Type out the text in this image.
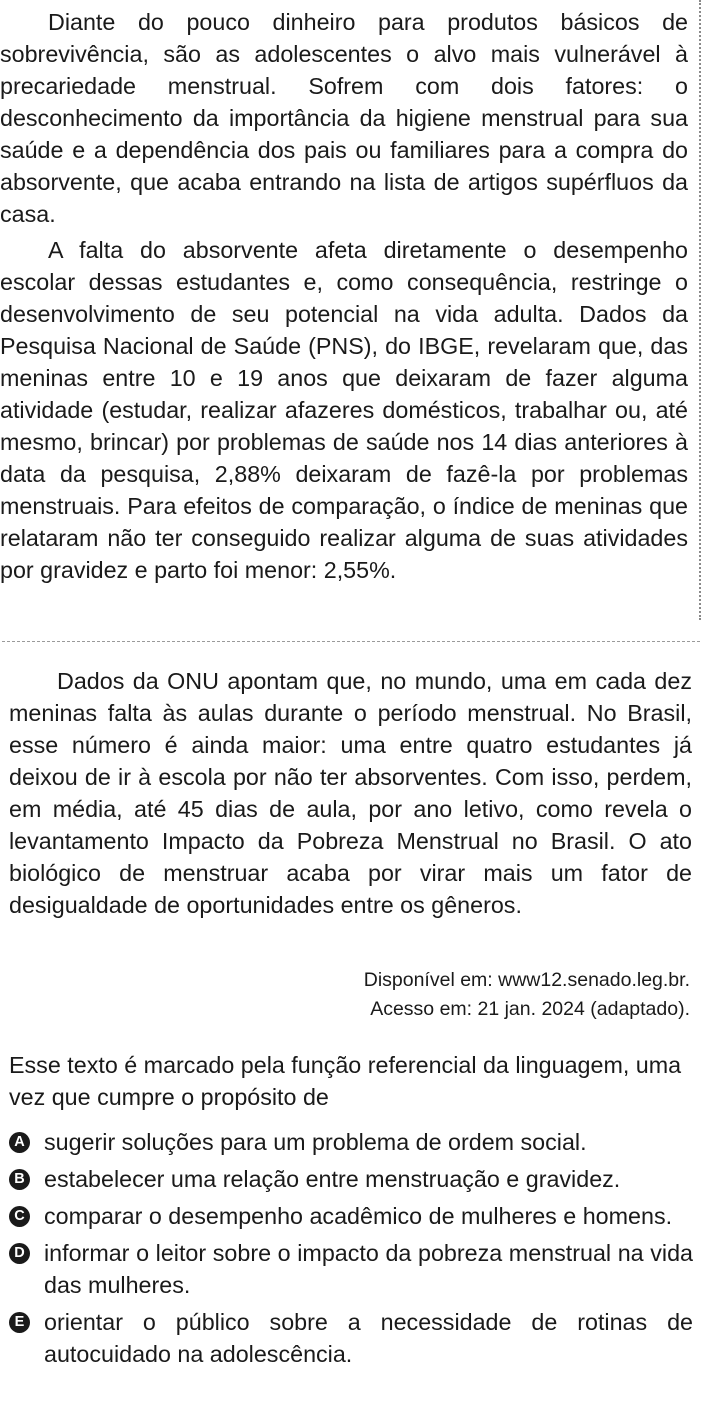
Diante do pouco dinheiro para produtos básicos de sobrevivência, são as adolescentes o alvo mais vulnerável à precariedade menstrual. Sofrem com dois fatores: o desconhecimento da importância da higiene menstrual para sua saúde e a dependência dos pais ou familiares para a compra do absorvente, que acaba entrando na lista de artigos supérfluos da casa.

A falta do absorvente afeta diretamente o desempenho escolar dessas estudantes e, como consequência, restringe o desenvolvimento de seu potencial na vida adulta. Dados da Pesquisa Nacional de Saúde (PNS), do IBGE, revelaram que, das meninas entre 10 e 19 anos que deixaram de fazer alguma atividade (estudar, realizar afazeres domésticos, trabalhar ou, até mesmo, brincar) por problemas de saúde nos 14 dias anteriores à data da pesquisa, 2,88% deixaram de fazê-la por problemas menstruais. Para efeitos de comparação, o índice de meninas que relataram não ter conseguido realizar alguma de suas atividades por gravidez e parto foi menor: 2,55%.

Dados da ONU apontam que, no mundo, uma em cada dez meninas falta às aulas durante o período menstrual. No Brasil, esse número é ainda maior: uma entre quatro estudantes já deixou de ir à escola por não ter absorventes. Com isso, perdem, em média, até 45 dias de aula, por ano letivo, como revela o levantamento Impacto da Pobreza Menstrual no Brasil. O ato biológico de menstruar acaba por virar mais um fator de desigualdade de oportunidades entre os gêneros.

Disponível em: www12.senado.leg.br.
Acesso em: 21 jan. 2024 (adaptado).

Esse texto é marcado pela função referencial da linguagem, uma vez que cumpre o propósito de

A sugerir soluções para um problema de ordem social.
B estabelecer uma relação entre menstruação e gravidez.
C comparar o desempenho acadêmico de mulheres e homens.
D informar o leitor sobre o impacto da pobreza menstrual na vida das mulheres.
E orientar o público sobre a necessidade de rotinas de autocuidado na adolescência.
